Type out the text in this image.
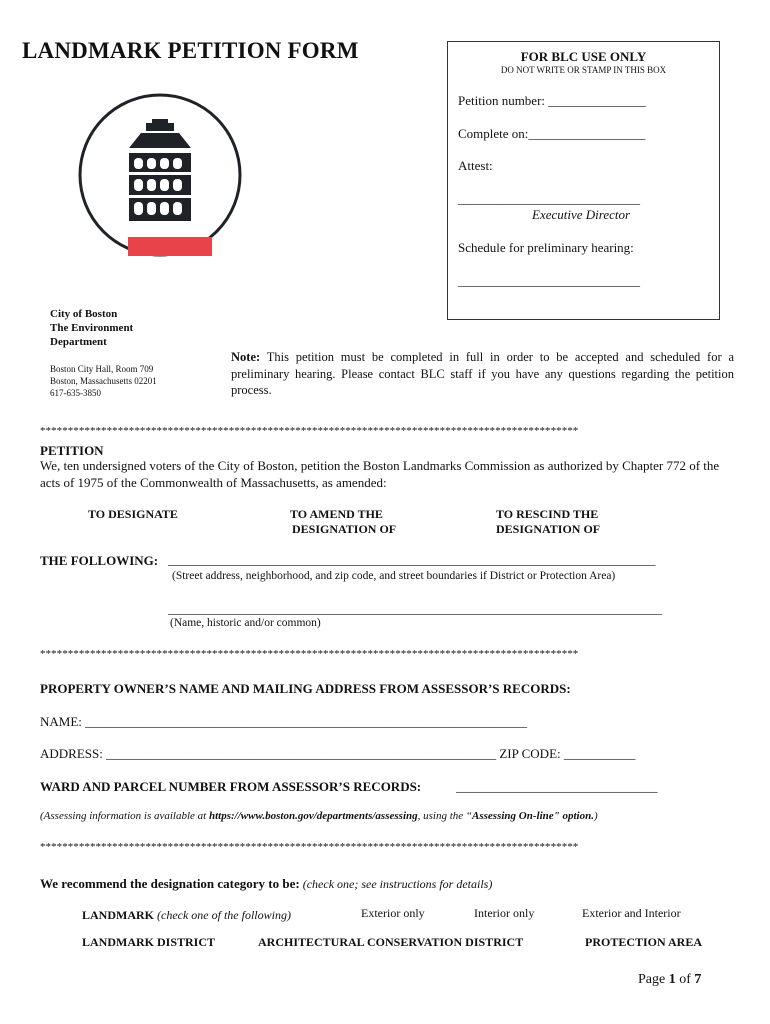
LANDMARK PETITION FORM	FOR BLC USE ONLY
DO NOT WRITE OR STAMP IN THIS BOX
Petition number: _______________
Complete on:__________________
Attest:
____________________________
Executive Director
Schedule for preliminary hearing:
____________________________
City of Boston
The Environment
Department
Boston City Hall, Room 709
Boston, Massachusetts 02201
617-635-3850
Note: This petition must be completed in full in order to be accepted and scheduled for a preliminary hearing. Please contact BLC staff if you have any questions regarding the petition process.
*************************************************************************************************
PETITION
We, ten undersigned voters of the City of Boston, petition the Boston Landmarks Commission as authorized by Chapter 772 of the acts of 1975 of the Commonwealth of Massachusetts, as amended:
TO DESIGNATE	TO AMEND THE
DESIGNATION OF
TO RESCIND THE
DESIGNATION OF
THE FOLLOWING: ___________________________________________________________________________
(Street address, neighborhood, and zip code, and street boundaries if District or Protection Area)
____________________________________________________________________________
(Name, historic and/or common)
*************************************************************************************************
PROPERTY OWNER’S NAME AND MAILING ADDRESS FROM ASSESSOR’S RECORDS:
NAME: ____________________________________________________________________
ADDRESS: ____________________________________________________________ ZIP CODE: ___________
WARD AND PARCEL NUMBER FROM ASSESSOR’S RECORDS:	_______________________________
(Assessing information is available at https://www.boston.gov/departments/assessing, using the “Assessing On-line" option.)
*************************************************************************************************
We recommend the designation category to be: (check one; see instructions for details)
LANDMARK (check one of the following)	Exterior only	Interior only	Exterior and Interior
LANDMARK DISTRICT	ARCHITECTURAL CONSERVATION DISTRICT	PROTECTION AREA
Page 1 of 7
